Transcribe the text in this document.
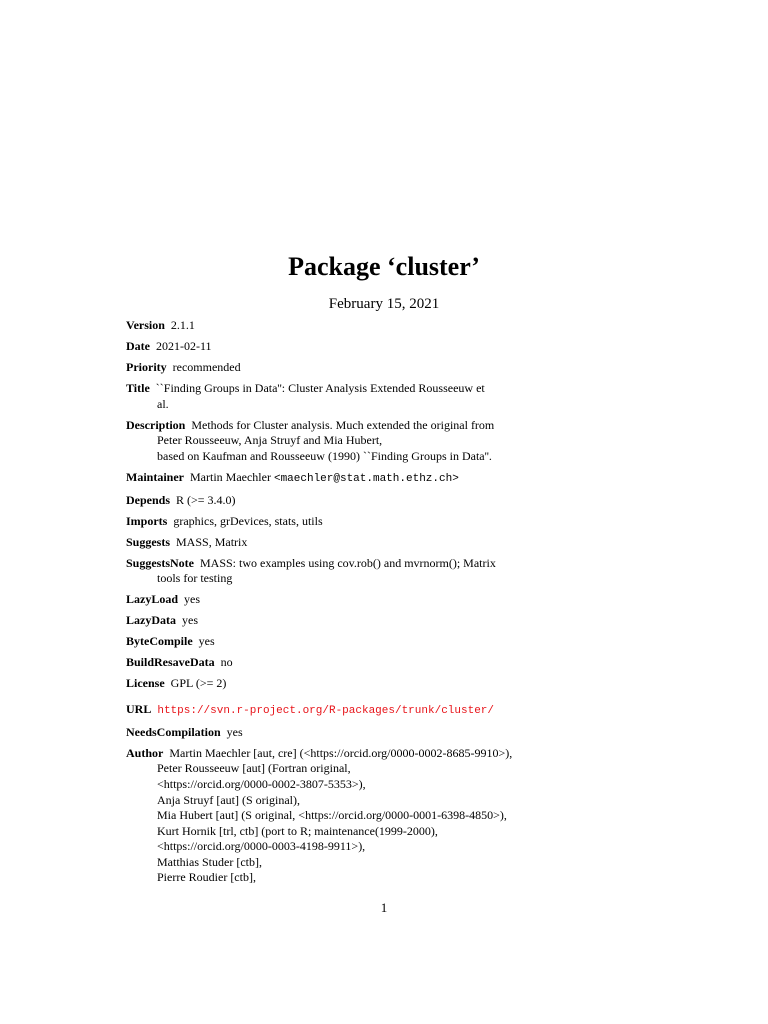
Package ‘cluster’
February 15, 2021
Version 2.1.1
Date 2021-02-11
Priority recommended
Title ``Finding Groups in Data'': Cluster Analysis Extended Rousseeuw et
al.
Description Methods for Cluster analysis. Much extended the original from
Peter Rousseeuw, Anja Struyf and Mia Hubert,
based on Kaufman and Rousseeuw (1990) ``Finding Groups in Data''.
Maintainer Martin Maechler <maechler@stat.math.ethz.ch>
Depends R (>= 3.4.0)
Imports graphics, grDevices, stats, utils
Suggests MASS, Matrix
SuggestsNote MASS: two examples using cov.rob() and mvrnorm(); Matrix
tools for testing
LazyLoad yes
LazyData yes
ByteCompile yes
BuildResaveData no
License GPL (>= 2)
URL https://svn.r-project.org/R-packages/trunk/cluster/
NeedsCompilation yes
Author Martin Maechler [aut, cre] (<https://orcid.org/0000-0002-8685-9910>),
Peter Rousseeuw [aut] (Fortran original,
<https://orcid.org/0000-0002-3807-5353>),
Anja Struyf [aut] (S original),
Mia Hubert [aut] (S original, <https://orcid.org/0000-0001-6398-4850>),
Kurt Hornik [trl, ctb] (port to R; maintenance(1999-2000),
<https://orcid.org/0000-0003-4198-9911>),
Matthias Studer [ctb],
Pierre Roudier [ctb],
1
